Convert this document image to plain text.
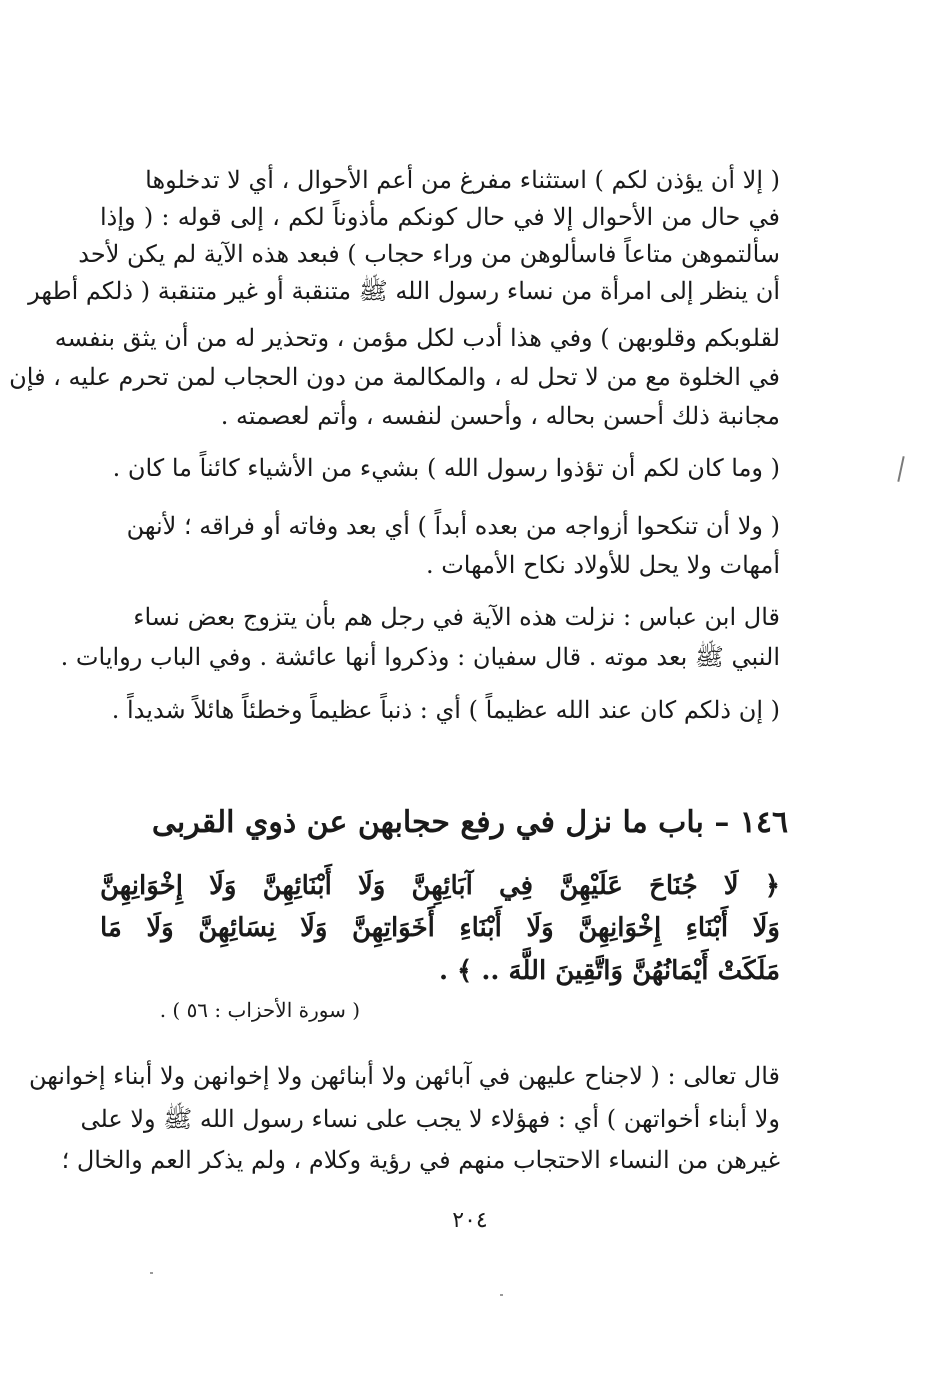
( إلا أن يؤذن لكم ) استثناء مفرغ من أعم الأحوال ، أي لا تدخلوها

في حال من الأحوال إلا في حال كونكم مأذوناً لكم ، إلى قوله : ( وإذا

سألتموهن متاعاً فاسألوهن من وراء حجاب ) فبعد هذه الآية لم يكن لأحد

أن ينظر إلى امرأة من نساء رسول الله ﷺ متنقبة أو غير متنقبة ( ذلكم أطهر

لقلوبكم وقلوبهن ) وفي هذا أدب لكل مؤمن ، وتحذير له من أن يثق بنفسه

في الخلوة مع من لا تحل له ، والمكالمة من دون الحجاب لمن تحرم عليه ، فإن

مجانبة ذلك أحسن بحاله ، وأحسن لنفسه ، وأتم لعصمته .

( وما كان لكم أن تؤذوا رسول الله ) بشيء من الأشياء كائناً ما كان .

( ولا أن تنكحوا أزواجه من بعده أبداً ) أي بعد وفاته أو فراقه ؛ لأنهن

أمهات ولا يحل للأولاد نكاح الأمهات .

قال ابن عباس : نزلت هذه الآية في رجل هم بأن يتزوج بعض نساء

النبي ﷺ بعد موته . قال سفيان : وذكروا أنها عائشة . وفي الباب روايات .

( إن ذلكم كان عند الله عظيماً ) أي : ذنباً عظيماً وخطئاً هائلاً شديداً .

١٤٦ – باب ما نزل في رفع حجابهن عن ذوي القربى

﴿ لَا جُنَاحَ عَلَيْهِنَّ فِي آبَائِهِنَّ وَلَا أَبْنَائِهِنَّ وَلَا إِخْوَانِهِنَّ

وَلَا أَبْنَاءِ إِخْوَانِهِنَّ وَلَا أَبْنَاءِ أَخَوَاتِهِنَّ وَلَا نِسَائِهِنَّ وَلَا مَا

مَلَكَتْ أَيْمَانُهُنَّ وَاتَّقِينَ اللَّهَ .. ﴾ .

( سورة الأحزاب : ٥٦ ) .

قال تعالى : ( لاجناح عليهن في آبائهن ولا أبنائهن ولا إخوانهن ولا أبناء إخوانهن

ولا أبناء أخواتهن ) أي : فهؤلاء لا يجب على نساء رسول الله ﷺ ولا على

غيرهن من النساء الاحتجاب منهم في رؤية وكلام ، ولم يذكر العم والخال ؛

٢٠٤
